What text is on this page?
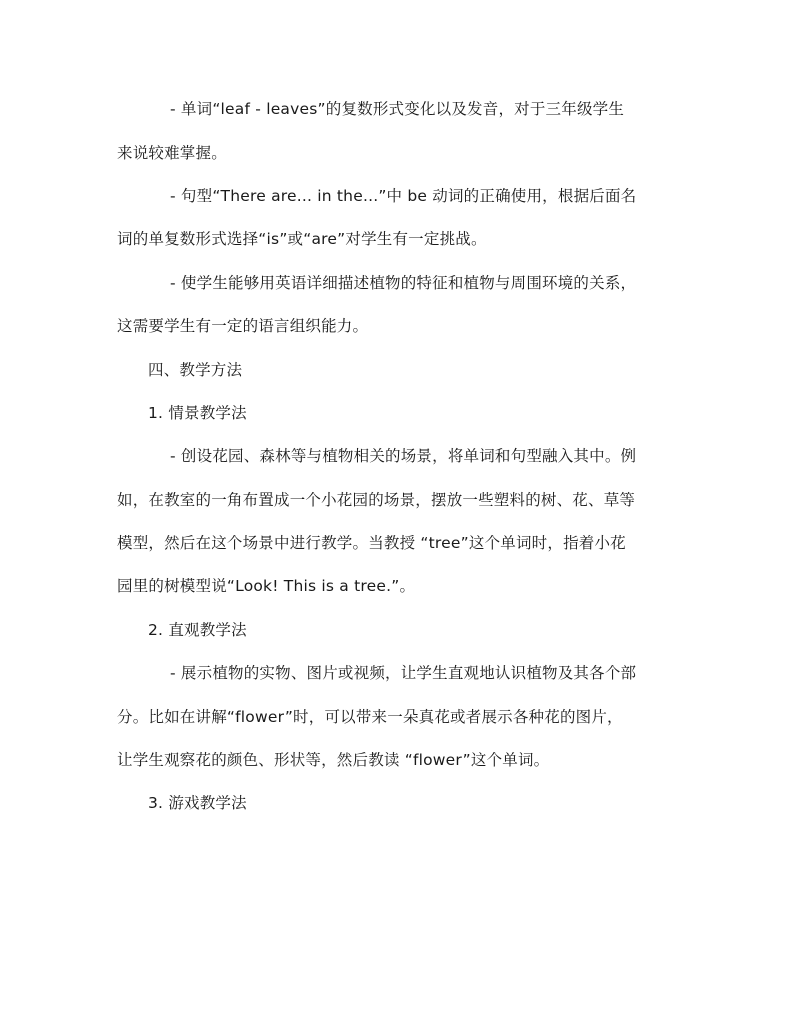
- 单词“leaf - leaves”的复数形式变化以及发音，对于三年级学生
来说较难掌握。
- 句型“There are... in the...”中 be 动词的正确使用，根据后面名
词的单复数形式选择“is”或“are”对学生有一定挑战。
- 使学生能够用英语详细描述植物的特征和植物与周围环境的关系，
这需要学生有一定的语言组织能力。
四、教学方法
1. 情景教学法
- 创设花园、森林等与植物相关的场景，将单词和句型融入其中。例
如，在教室的一角布置成一个小花园的场景，摆放一些塑料的树、花、草等
模型，然后在这个场景中进行教学。当教授 “tree”这个单词时，指着小花
园里的树模型说“Look! This is a tree.”。
2. 直观教学法
- 展示植物的实物、图片或视频，让学生直观地认识植物及其各个部
分。比如在讲解“flower”时，可以带来一朵真花或者展示各种花的图片，
让学生观察花的颜色、形状等，然后教读 “flower”这个单词。
3. 游戏教学法
